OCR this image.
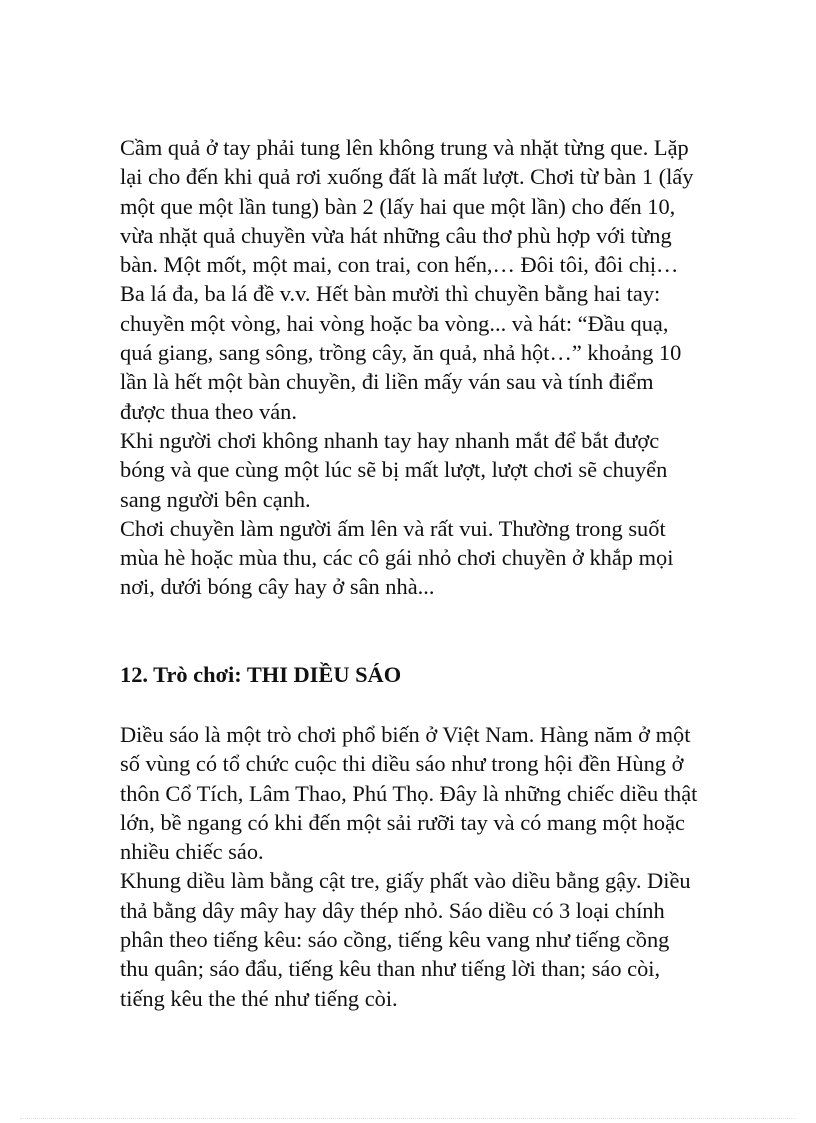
Cầm quả ở tay phải tung lên không trung và nhặt từng que. Lặp
lại cho đến khi quả rơi xuống đất là mất lượt. Chơi từ bàn 1 (lấy
một que một lần tung) bàn 2 (lấy hai que một lần) cho đến 10,
vừa nhặt quả chuyền vừa hát những câu thơ phù hợp với từng
bàn. Một mốt, một mai, con trai, con hến,… Đôi tôi, đôi chị…
Ba lá đa, ba lá đề v.v. Hết bàn mười thì chuyền bằng hai tay:
chuyền một vòng, hai vòng hoặc ba vòng... và hát: “Đầu quạ,
quá giang, sang sông, trồng cây, ăn quả, nhả hột…” khoảng 10
lần là hết một bàn chuyền, đi liền mấy ván sau và tính điểm
được thua theo ván.
Khi người chơi không nhanh tay hay nhanh mắt để bắt được
bóng và que cùng một lúc sẽ bị mất lượt, lượt chơi sẽ chuyển
sang người bên cạnh.
Chơi chuyền làm người ấm lên và rất vui. Thường trong suốt
mùa hè hoặc mùa thu, các cô gái nhỏ chơi chuyền ở khắp mọi
nơi, dưới bóng cây hay ở sân nhà...
12. Trò chơi: THI DIỀU SÁO
Diều sáo là một trò chơi phổ biến ở Việt Nam. Hàng năm ở một
số vùng có tổ chức cuộc thi diều sáo như trong hội đền Hùng ở
thôn Cổ Tích, Lâm Thao, Phú Thọ. Đây là những chiếc diều thật
lớn, bề ngang có khi đến một sải rưỡi tay và có mang một hoặc
nhiều chiếc sáo.
Khung diều làm bằng cật tre, giấy phất vào diều bằng gậy. Diều
thả bằng dây mây hay dây thép nhỏ. Sáo diều có 3 loại chính
phân theo tiếng kêu: sáo cồng, tiếng kêu vang như tiếng cồng
thu quân; sáo đẩu, tiếng kêu than như tiếng lời than; sáo còi,
tiếng kêu the thé như tiếng còi.
